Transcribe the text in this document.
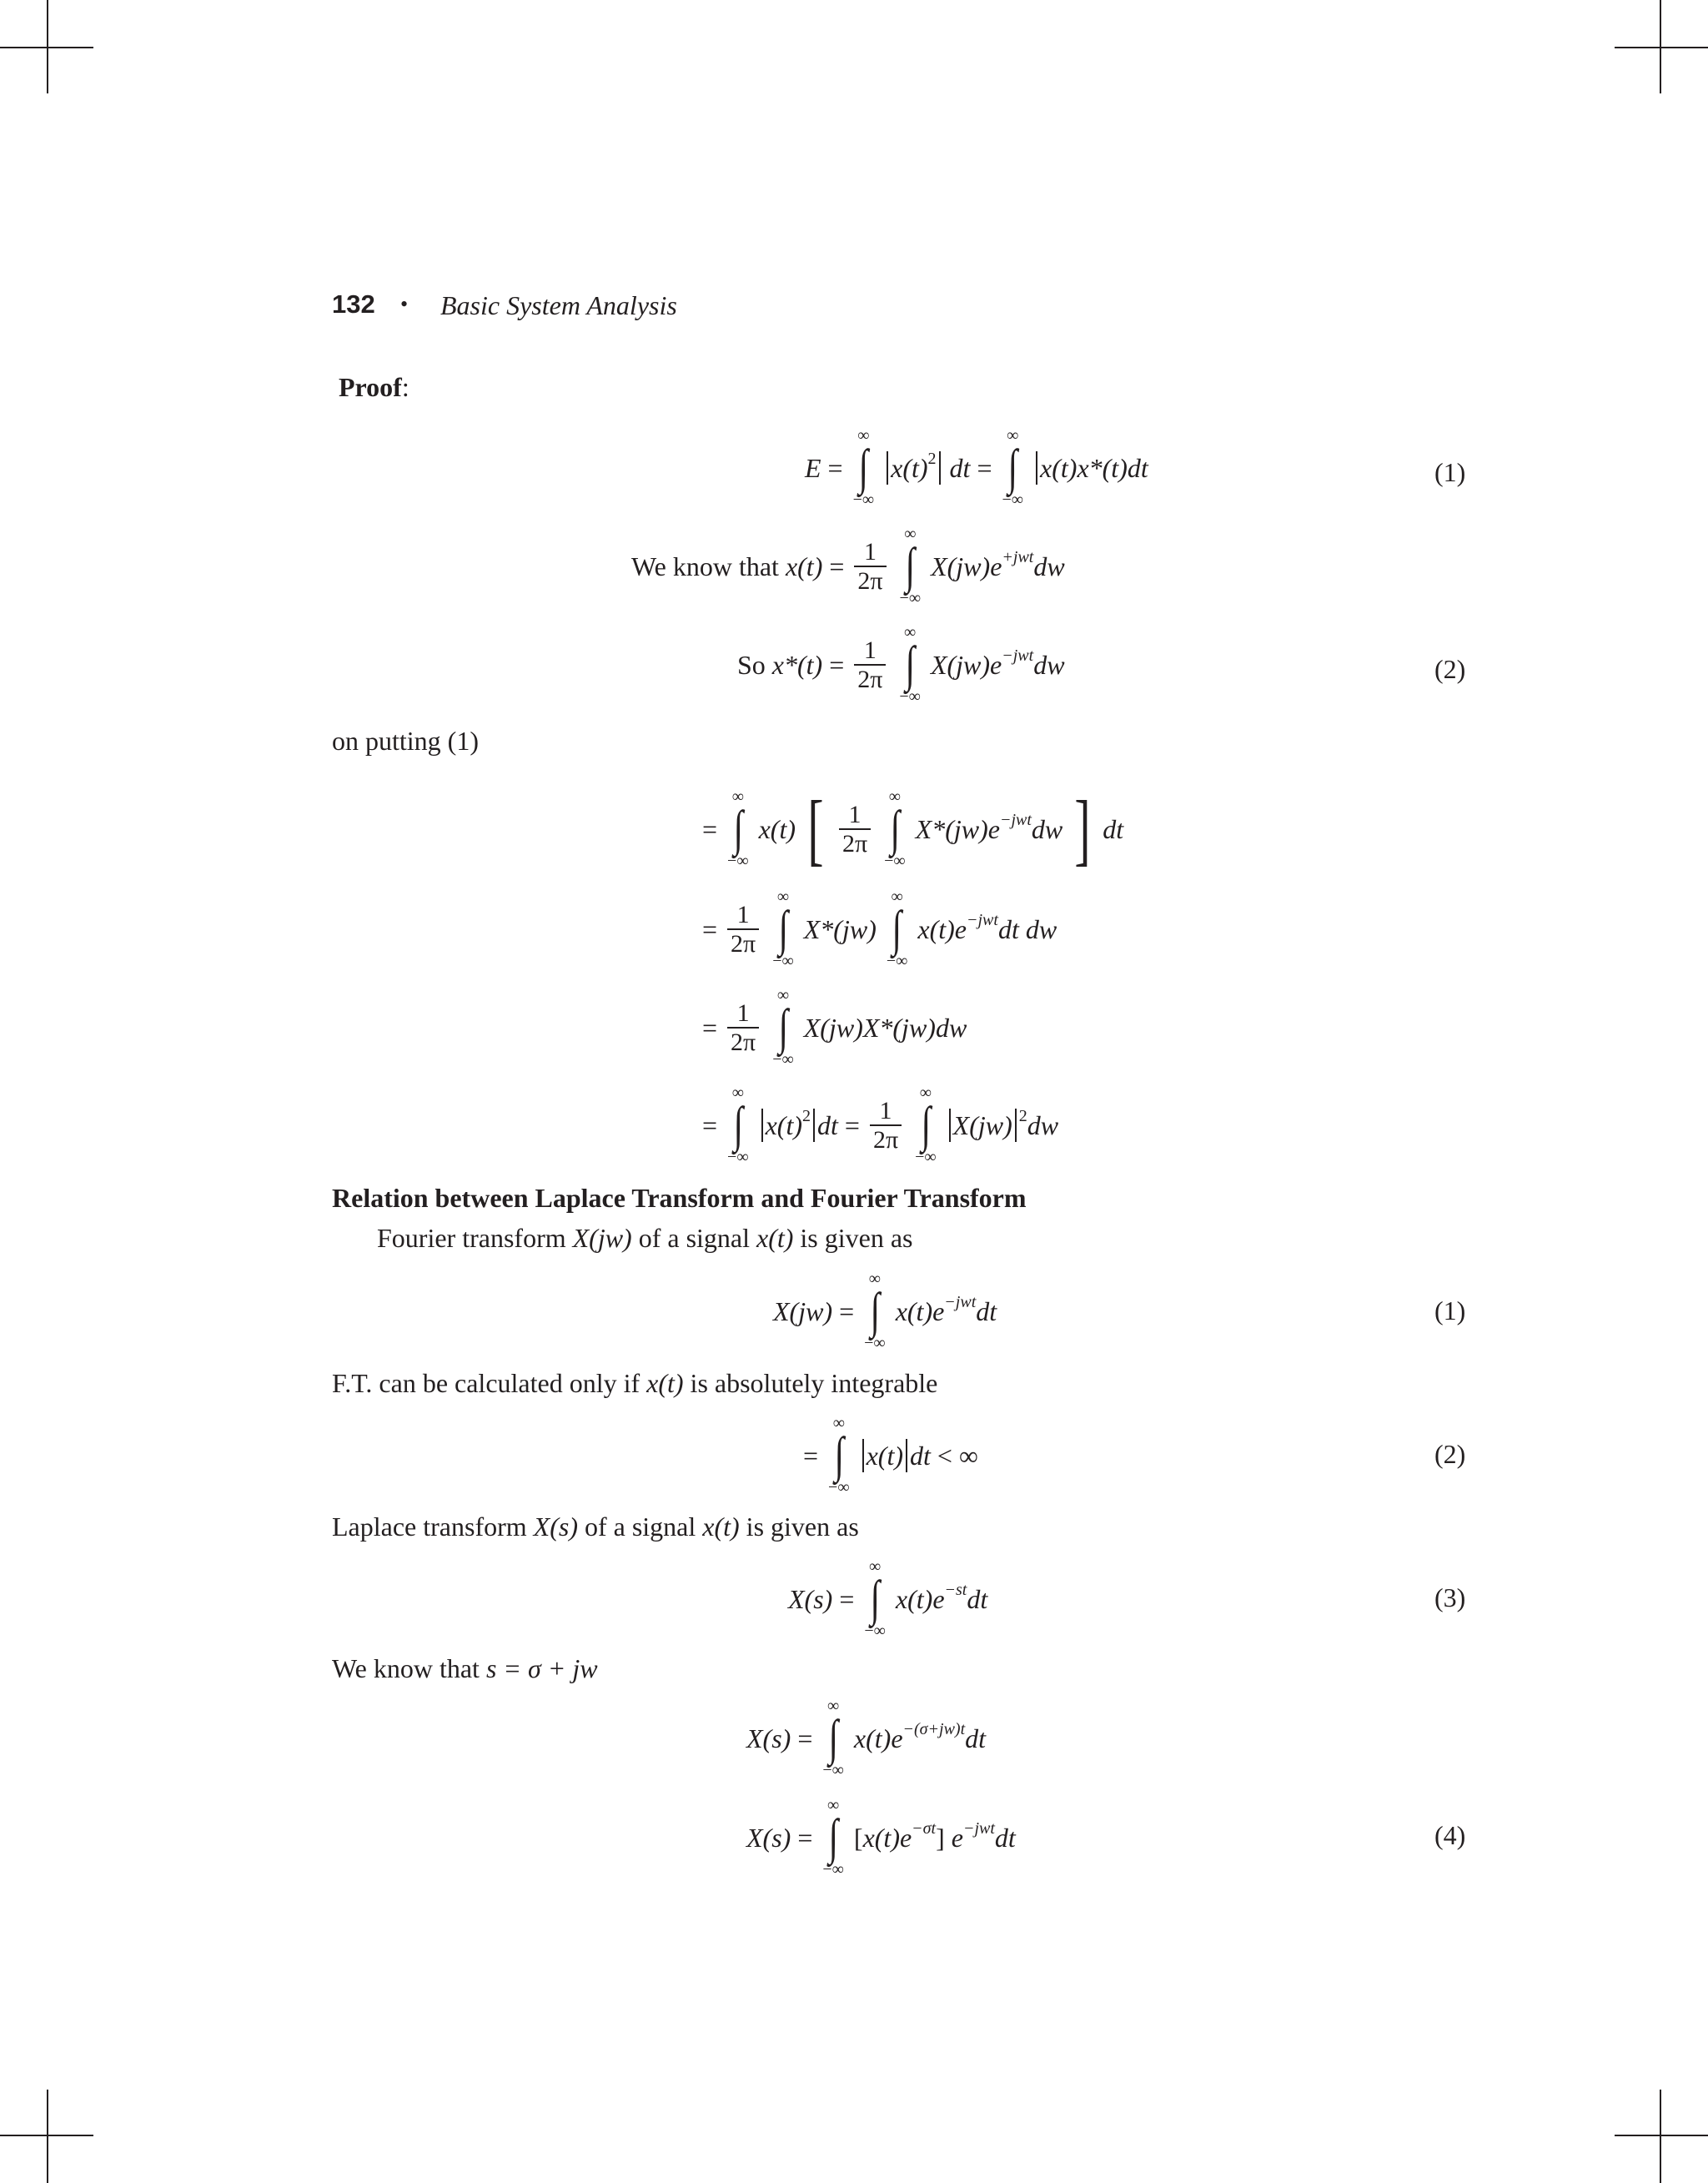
132 • Basic System Analysis
Proof:
E =
∞
∫
−∞
$x(t)^2$ dt =
∞
∫
−∞
x(t)x*(t)dt	(1)
We know that $x(t) = \frac{1}{2\pi}$

∞
∫
−∞
$X(jw)e^{+jwt}dw$
So $x*(t) = \frac{1}{2\pi}$

∞
∫
−∞
$X(jw)e^{-jwt}dw$	(2)
on putting (1)
=
∞
∫
−∞
x(t) [ $\frac{1}{2\pi}$

∞
∫
−∞
$X*(jw)e^{-jwt}dw$ ] dt
= $\frac{1}{2\pi}$

∞
∫
−∞
X*(jw)
∞
∫
−∞
$x(t)e^{-jwt}dt$ dw
= $\frac{1}{2\pi}$

∞
∫
−∞
X(jw)X*(jw)dw
=
∞
∫
−∞
$x(t)^2$ dt = $\frac{1}{2\pi}$

∞
∫
−∞
X(jw) $^2$dw
Relation between Laplace Transform and Fourier Transform
Fourier transform X(jw) of a signal x(t) is given as
X(jw) =
∞
∫
−∞
$x(t)e^{-jwt}dt$	(1)
F.T. can be calculated only if x(t) is absolutely integrable
=
∞
∫
−∞
x(t) dt < ∞	(2)
Laplace transform X(s) of a signal x(t) is given as
X(s) =
∞
∫
−∞
$x(t)e^{-st}dt$	(3)
We know that s = σ + jw
X(s) =
∞
∫
−∞
$x(t)e^{-(\sigma+jw)t}dt$
X(s) =
∞
∫
−∞
$[x(t)e^{-\sigma t}]$ $e^{-jwt}dt$	(4)
